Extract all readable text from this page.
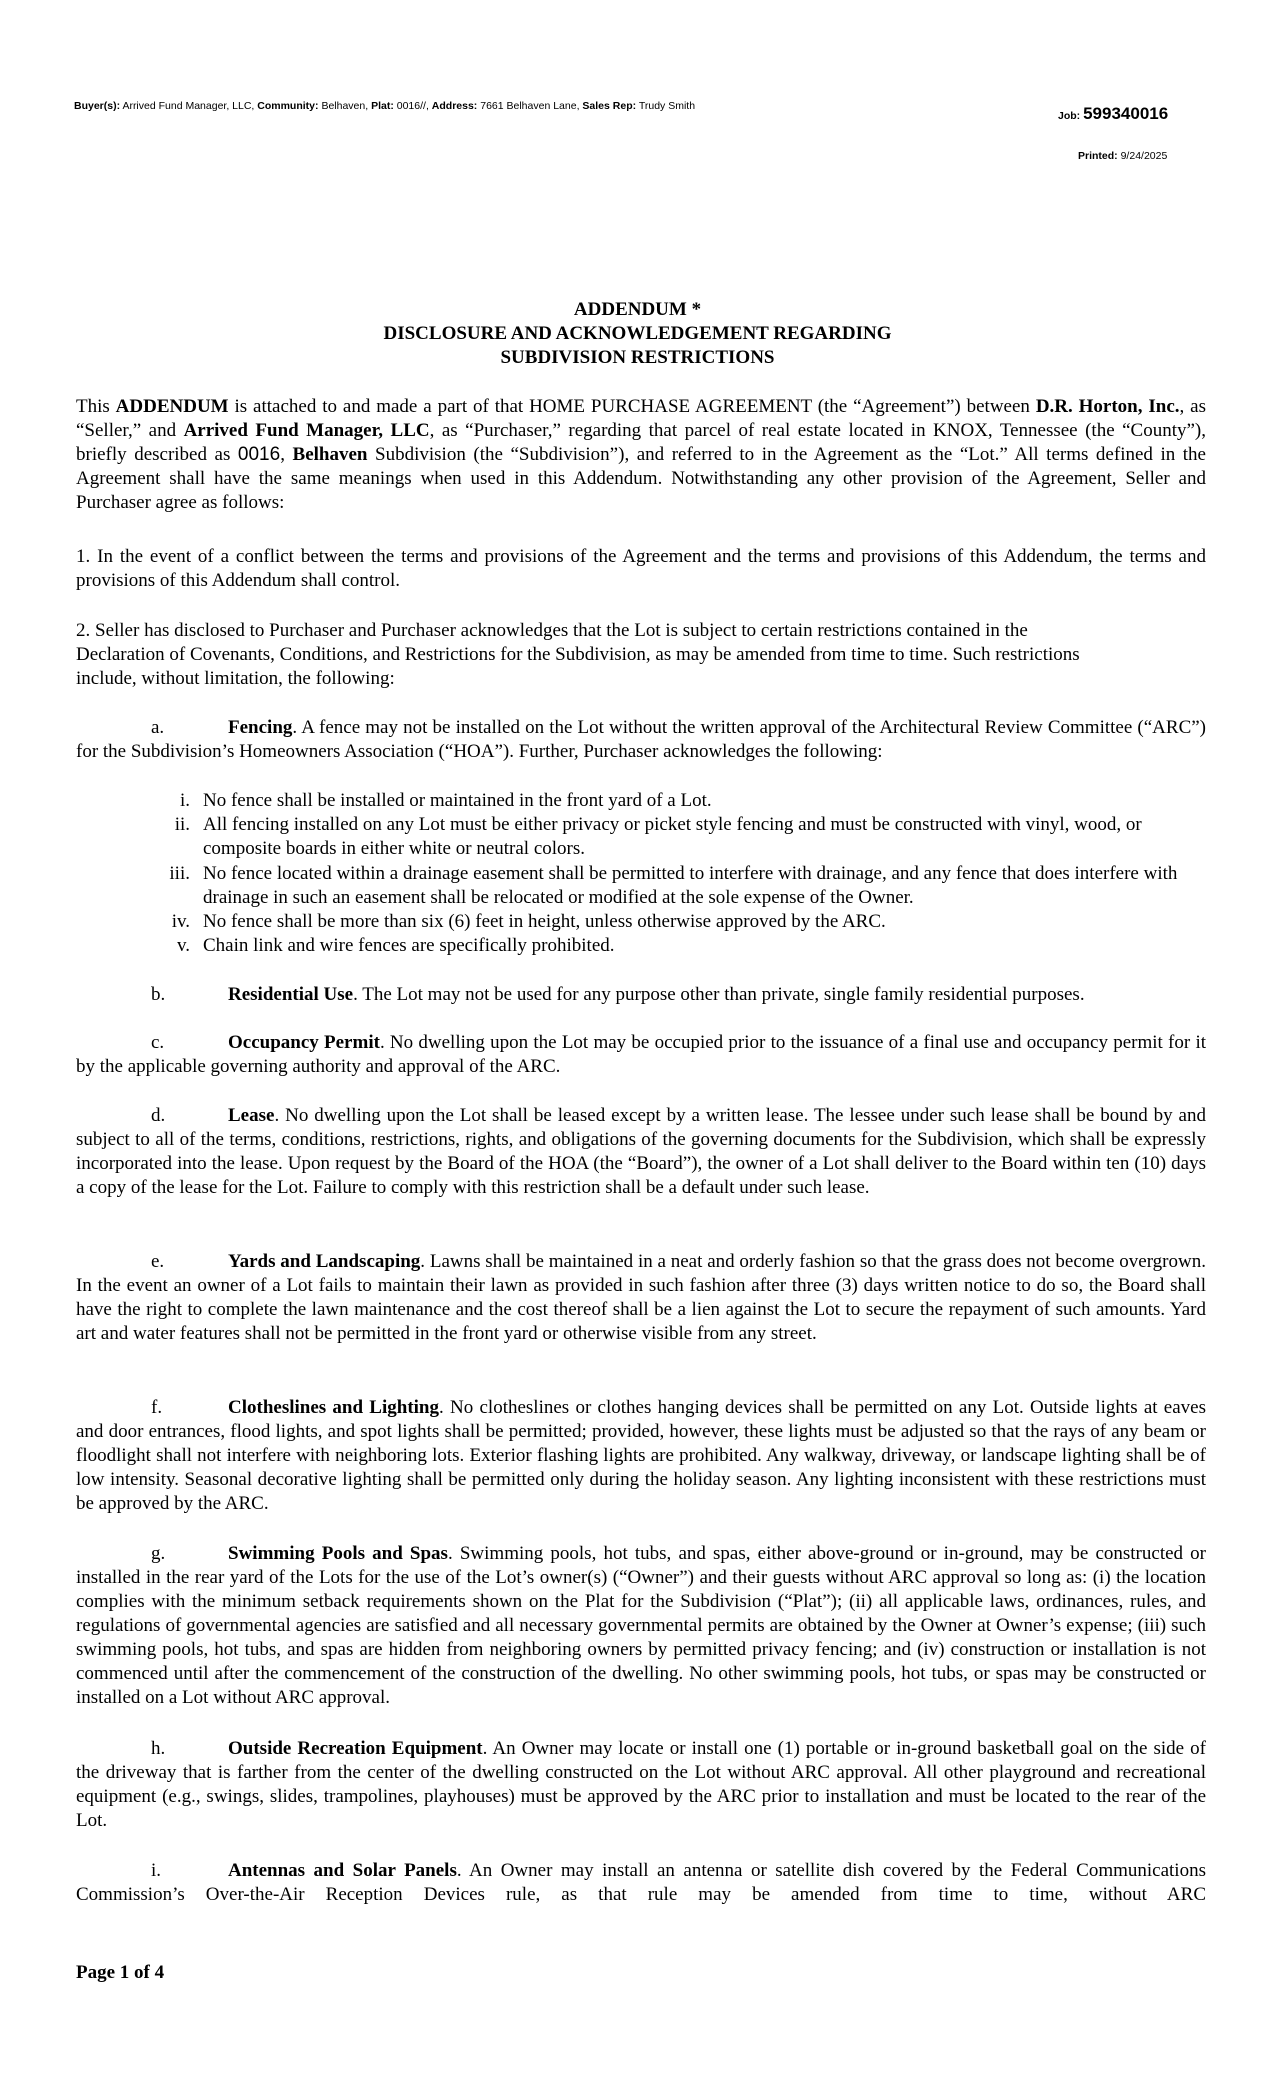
Buyer(s): Arrived Fund Manager, LLC, Community: Belhaven, Plat: 0016//, Address: 7661 Belhaven Lane, Sales Rep: Trudy Smith
Job: 599340016
Printed: 9/24/2025
ADDENDUM *
DISCLOSURE AND ACKNOWLEDGEMENT REGARDING
SUBDIVISION RESTRICTIONS
This ADDENDUM is attached to and made a part of that HOME PURCHASE AGREEMENT (the “Agreement”) between D.R. Horton, Inc., as “Seller,” and Arrived Fund Manager, LLC, as “Purchaser,” regarding that parcel of real estate located in KNOX, Tennessee (the “County”), briefly described as 0016, Belhaven Subdivision (the “Subdivision”), and referred to in the Agreement as the “Lot.” All terms defined in the Agreement shall have the same meanings when used in this Addendum. Notwithstanding any other provision of the Agreement, Seller and Purchaser agree as follows:
1. In the event of a conflict between the terms and provisions of the Agreement and the terms and provisions of this Addendum, the terms and provisions of this Addendum shall control.
2. Seller has disclosed to Purchaser and Purchaser acknowledges that the Lot is subject to certain restrictions contained in the
Declaration of Covenants, Conditions, and Restrictions for the Subdivision, as may be amended from time to time. Such restrictions
include, without limitation, the following:
a.	Fencing. A fence may not be installed on the Lot without the written approval of the Architectural Review Committee (“ARC”) for the Subdivision’s Homeowners Association (“HOA”). Further, Purchaser acknowledges the following:
i. No fence shall be installed or maintained in the front yard of a Lot.
ii. All fencing installed on any Lot must be either privacy or picket style fencing and must be constructed with vinyl, wood, or composite boards in either white or neutral colors.
iii. No fence located within a drainage easement shall be permitted to interfere with drainage, and any fence that does interfere with drainage in such an easement shall be relocated or modified at the sole expense of the Owner.
iv. No fence shall be more than six (6) feet in height, unless otherwise approved by the ARC.
v. Chain link and wire fences are specifically prohibited.
b.	Residential Use. The Lot may not be used for any purpose other than private, single family residential purposes.
c.	Occupancy Permit. No dwelling upon the Lot may be occupied prior to the issuance of a final use and occupancy permit for it by the applicable governing authority and approval of the ARC.
d.	Lease. No dwelling upon the Lot shall be leased except by a written lease. The lessee under such lease shall be bound by and subject to all of the terms, conditions, restrictions, rights, and obligations of the governing documents for the Subdivision, which shall be expressly incorporated into the lease. Upon request by the Board of the HOA (the “Board”), the owner of a Lot shall deliver to the Board within ten (10) days a copy of the lease for the Lot. Failure to comply with this restriction shall be a default under such lease.
e.	Yards and Landscaping. Lawns shall be maintained in a neat and orderly fashion so that the grass does not become overgrown. In the event an owner of a Lot fails to maintain their lawn as provided in such fashion after three (3) days written notice to do so, the Board shall have the right to complete the lawn maintenance and the cost thereof shall be a lien against the Lot to secure the repayment of such amounts. Yard art and water features shall not be permitted in the front yard or otherwise visible from any street.
f.	Clotheslines and Lighting. No clotheslines or clothes hanging devices shall be permitted on any Lot. Outside lights at eaves and door entrances, flood lights, and spot lights shall be permitted; provided, however, these lights must be adjusted so that the rays of any beam or floodlight shall not interfere with neighboring lots. Exterior flashing lights are prohibited. Any walkway, driveway, or landscape lighting shall be of low intensity. Seasonal decorative lighting shall be permitted only during the holiday season. Any lighting inconsistent with these restrictions must be approved by the ARC.
g.	Swimming Pools and Spas. Swimming pools, hot tubs, and spas, either above-ground or in-ground, may be constructed or installed in the rear yard of the Lots for the use of the Lot’s owner(s) (“Owner”) and their guests without ARC approval so long as: (i) the location complies with the minimum setback requirements shown on the Plat for the Subdivision (“Plat”); (ii) all applicable laws, ordinances, rules, and regulations of governmental agencies are satisfied and all necessary governmental permits are obtained by the Owner at Owner’s expense; (iii) such swimming pools, hot tubs, and spas are hidden from neighboring owners by permitted privacy fencing; and (iv) construction or installation is not commenced until after the commencement of the construction of the dwelling. No other swimming pools, hot tubs, or spas may be constructed or installed on a Lot without ARC approval.
h.	Outside Recreation Equipment. An Owner may locate or install one (1) portable or in-ground basketball goal on the side of the driveway that is farther from the center of the dwelling constructed on the Lot without ARC approval. All other playground and recreational equipment (e.g., swings, slides, trampolines, playhouses) must be approved by the ARC prior to installation and must be located to the rear of the Lot.
i.	Antennas and Solar Panels. An Owner may install an antenna or satellite dish covered by the Federal Communications Commission’s Over-the-Air Reception Devices rule, as that rule may be amended from time to time, without ARC
Page 1 of 4
